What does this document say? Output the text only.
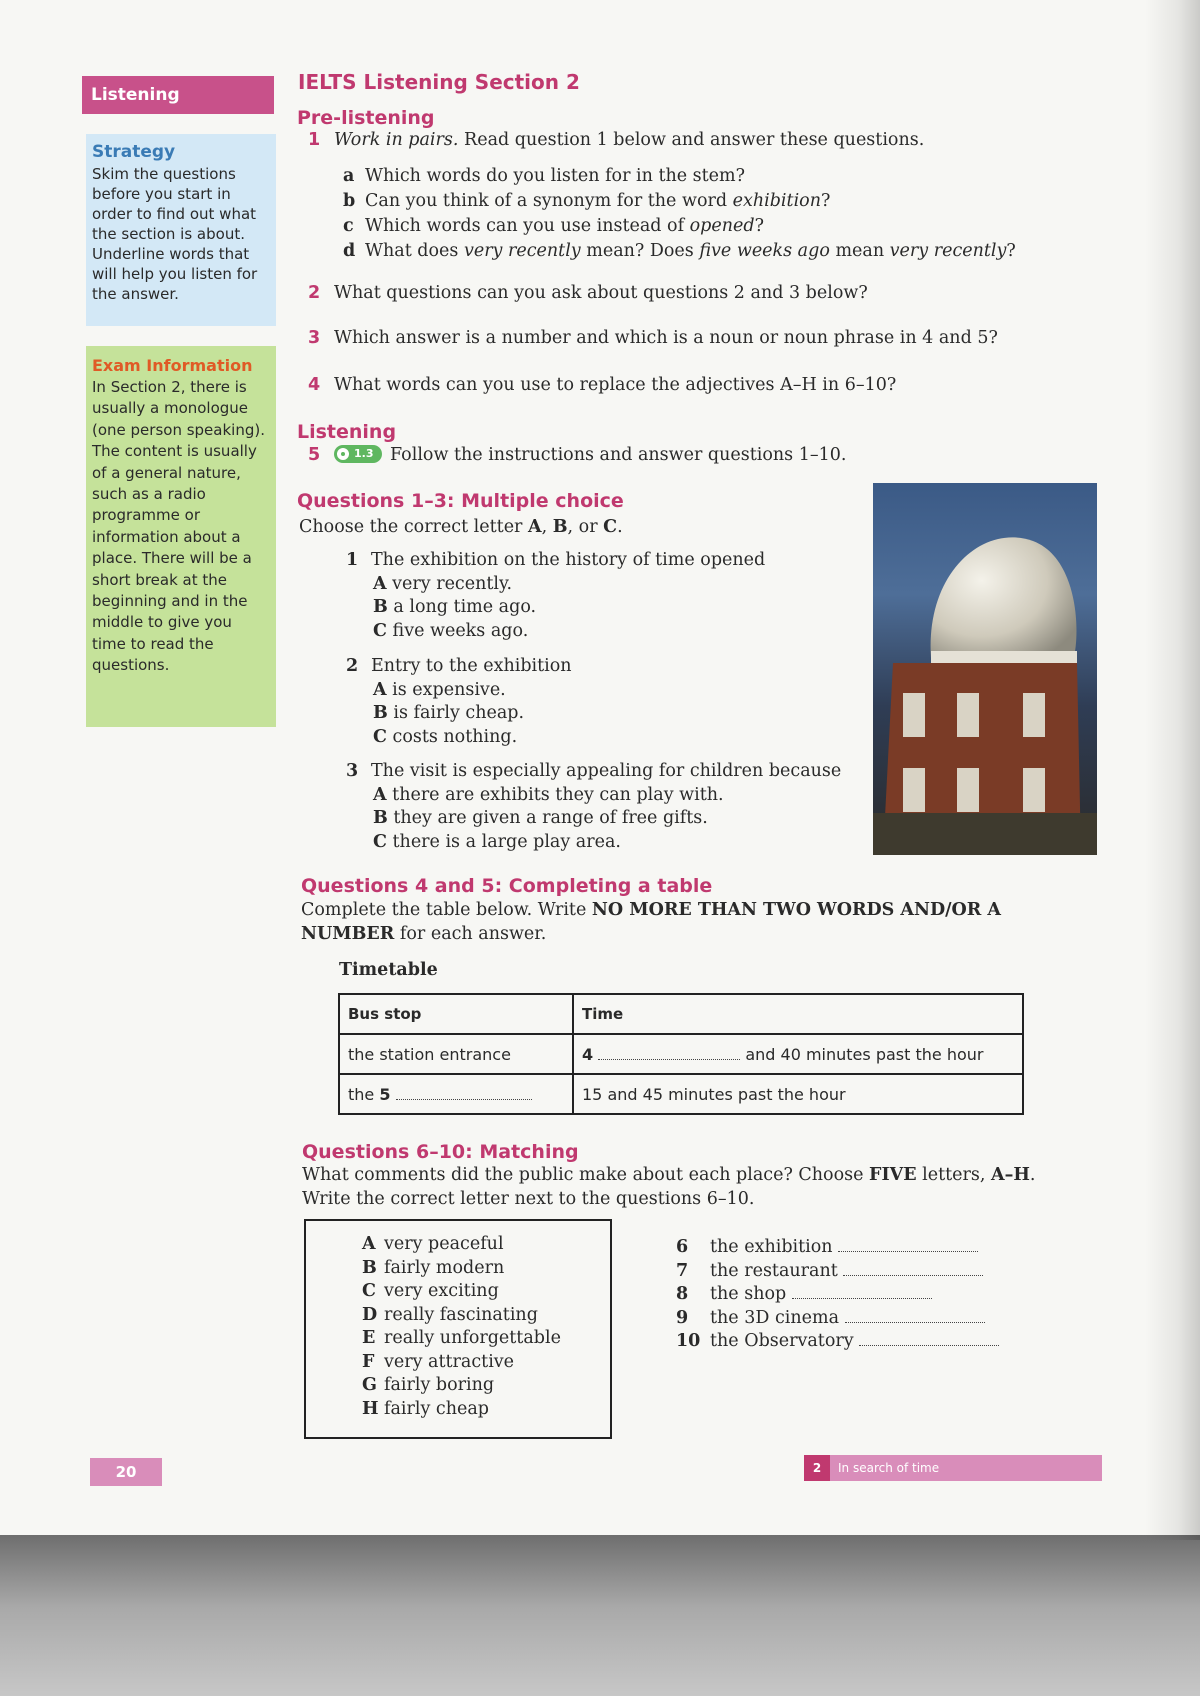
Listening
Strategy
Skim the questions before you start in order to find out what the section is about. Underline words that will help you listen for the answer.
Exam Information
In Section 2, there is usually a monologue (one person speaking). The content is usually of a general nature, such as a radio programme or information about a place. There will be a short break at the beginning and in the middle to give you time to read the questions.
IELTS Listening Section 2
Pre-listening

1 Work in pairs. Read question 1 below and answer these questions.

a Which words do you listen for in the stem?
b Can you think of a synonym for the word exhibition?
c Which words can you use instead of opened?
d What does very recently mean? Does five weeks ago mean very recently?

2 What questions can you ask about questions 2 and 3 below?

3 Which answer is a number and which is a noun or noun phrase in 4 and 5?

4 What words can you use to replace the adjectives A–H in 6–10?

Listening

5	1.3 Follow the instructions and answer questions 1–10.

Questions 1–3: Multiple choice

Choose the correct letter A, B, or C.

1 The exhibition on the history of time opened
A very recently.
B a long time ago.
C five weeks ago.
2 Entry to the exhibition
A is expensive.
B is fairly cheap.
C costs nothing.
3 The visit is especially appealing for children because
A there are exhibits they can play with.
B they are given a range of free gifts.
C there is a large play area.
Questions 4 and 5: Completing a table

Complete the table below. Write NO MORE THAN TWO WORDS AND/OR A NUMBER for each answer.

Timetable

Bus stop	Time
the station entrance	4 and 40 minutes past the hour
the 5	15 and 45 minutes past the hour
Questions 6–10: Matching

What comments did the public make about each place? Choose FIVE letters, A–H.
Write the correct letter next to the questions 6–10.

A very peaceful
B fairly modern
C very exciting
D really fascinating
E really unforgettable
F very attractive
G fairly boring
H fairly cheap
6 the exhibition
7 the restaurant
8 the shop
9 the 3D cinema
10 the Observatory
20	2 In search of time
